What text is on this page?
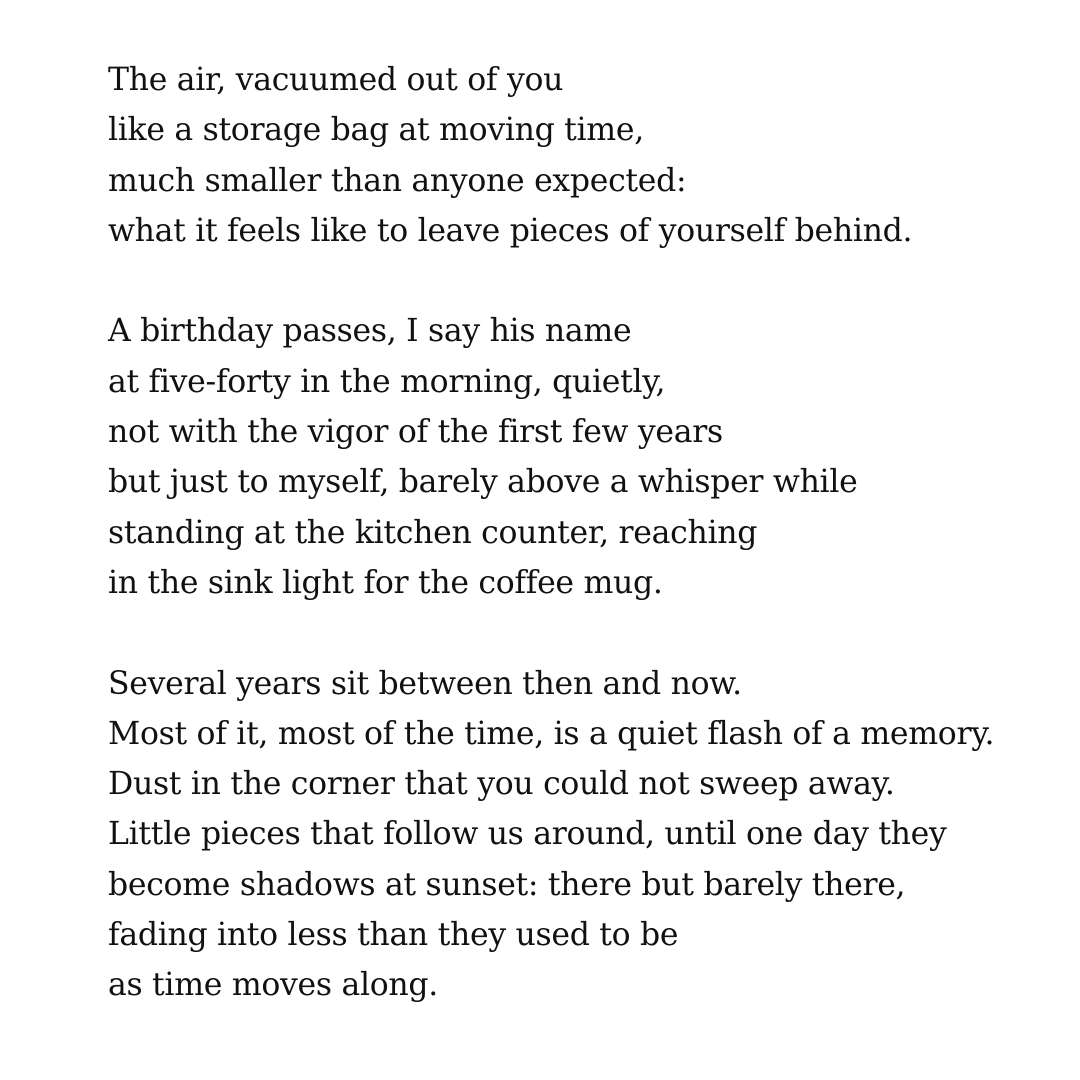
The air, vacuumed out of you
like a storage bag at moving time,
much smaller than anyone expected:
what it feels like to leave pieces of yourself behind.
A birthday passes, I say his name
at five-forty in the morning, quietly,
not with the vigor of the first few years
but just to myself, barely above a whisper while
standing at the kitchen counter, reaching
in the sink light for the coffee mug.
Several years sit between then and now.
Most of it, most of the time, is a quiet flash of a memory.
Dust in the corner that you could not sweep away.
Little pieces that follow us around, until one day they
become shadows at sunset: there but barely there,
fading into less than they used to be
as time moves along.
